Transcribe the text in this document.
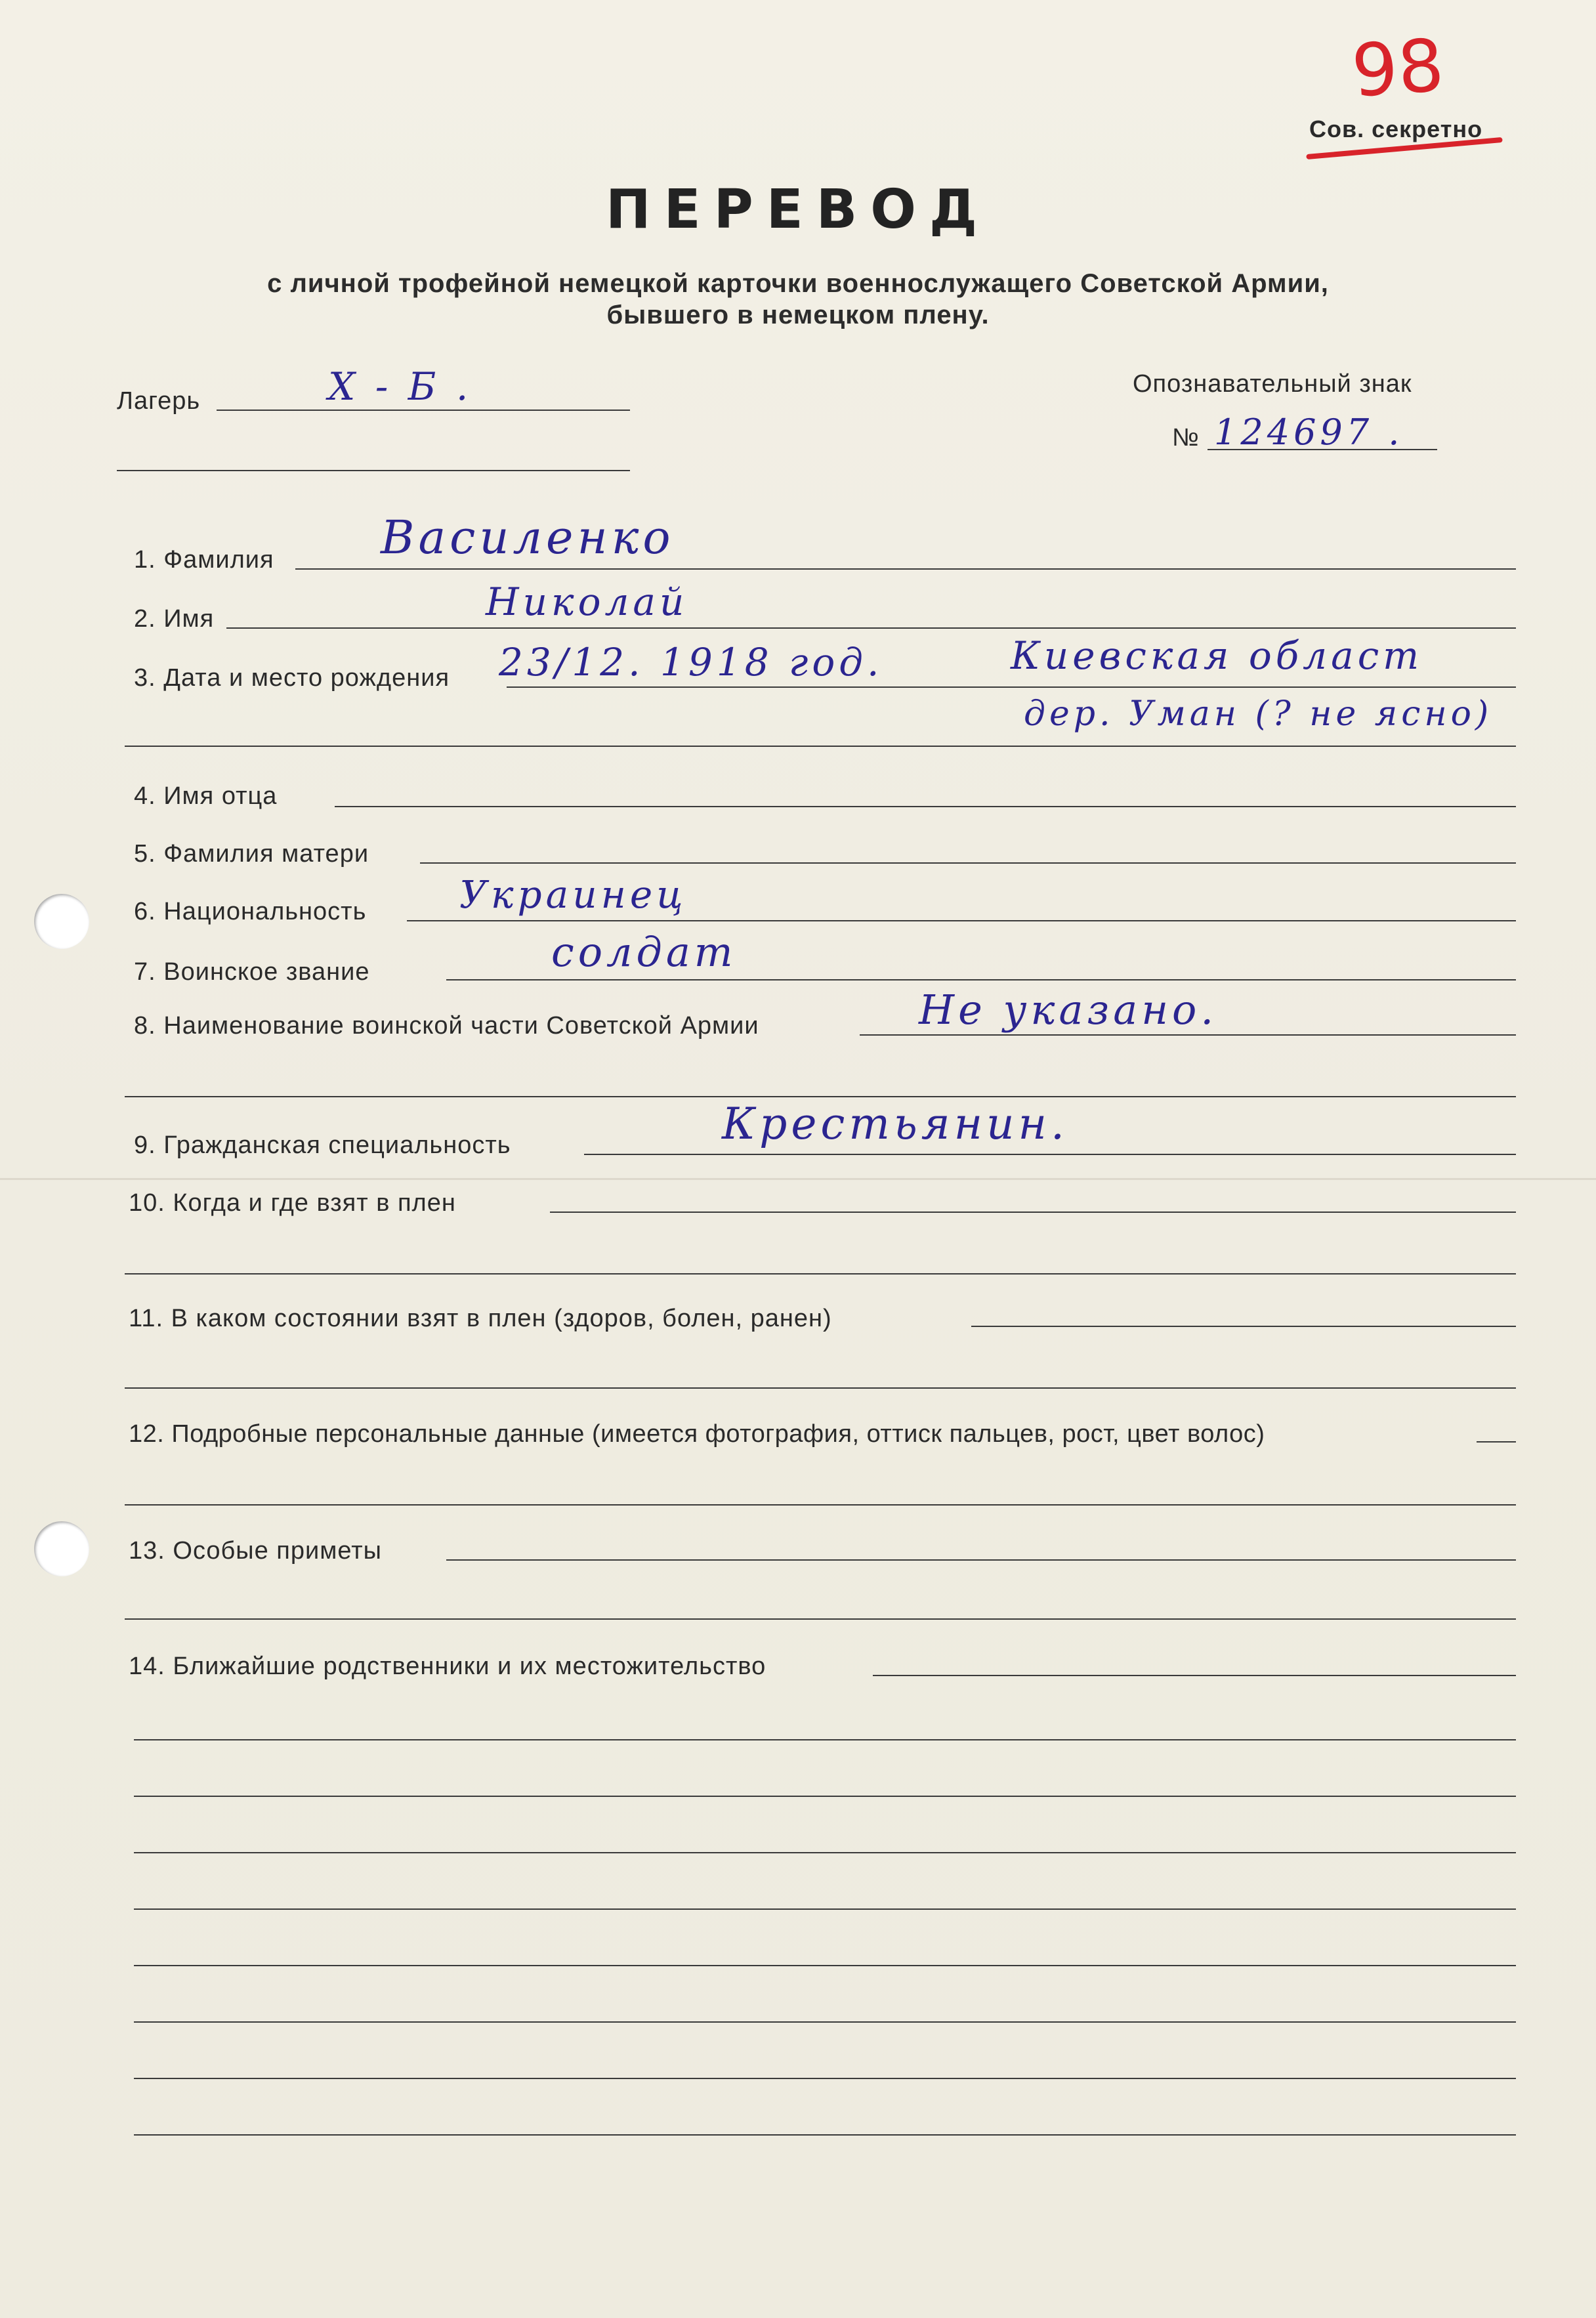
98
Сов. секретно
ПЕРЕВОД
с личной трофейной немецкой карточки военнослужащего Советской Армии,
бывшего в немецком плену.
Лагерь	Х - Б .	Опознавательный знак
№ 124697 .
1. Фамилия Василенко
2. Имя	Николай
3. Дата и место рождения 23/12. 1918 год.	Киевская област
дер. Уман (? не ясно)
4. Имя отца
5. Фамилия матери
6. Национальность Украинец
7. Воинское звание	солдат
8. Наименование воинской части Советской Армии	Не указано.
9. Гражданская специальность	Крестьянин.
10. Когда и где взят в плен
11. В каком состоянии взят в плен (здоров, болен, ранен)
12. Подробные персональные данные (имеется фотография, оттиск пальцев, рост, цвет волос)
13. Особые приметы
14. Ближайшие родственники и их местожительство
